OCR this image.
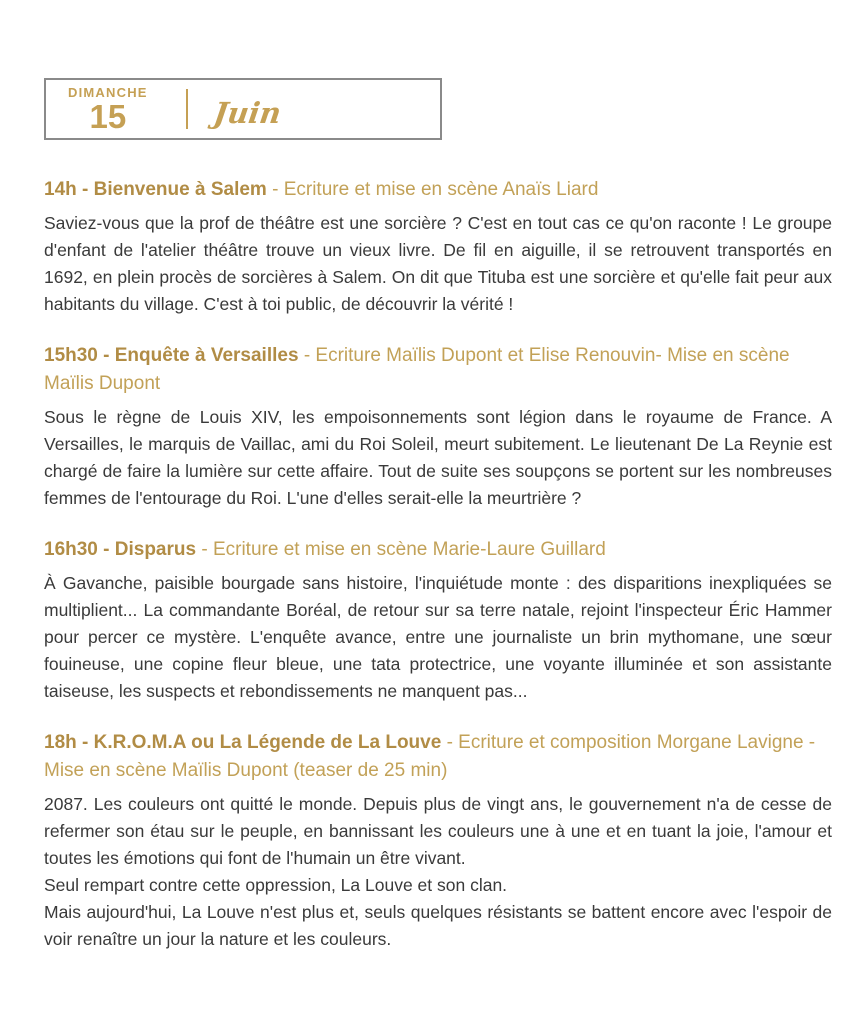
DIMANCHE
15	Juin
14h - Bienvenue à Salem - Ecriture et mise en scène Anaïs Liard

Saviez-vous que la prof de théâtre est une sorcière ? C'est en tout cas ce qu'on raconte ! Le groupe d'enfant de l'atelier théâtre trouve un vieux livre. De fil en aiguille, il se retrouvent transportés en 1692, en plein procès de sorcières à Salem. On dit que Tituba est une sorcière et qu'elle fait peur aux habitants du village. C'est à toi public, de découvrir la vérité !

15h30 - Enquête à Versailles - Ecriture Maïlis Dupont et Elise Renouvin- Mise en scène Maïlis Dupont

Sous le règne de Louis XIV, les empoisonnements sont légion dans le royaume de France. A Versailles, le marquis de Vaillac, ami du Roi Soleil, meurt subitement. Le lieutenant De La Reynie est chargé de faire la lumière sur cette affaire. Tout de suite ses soupçons se portent sur les nombreuses femmes de l'entourage du Roi. L'une d'elles serait-elle la meurtrière ?

16h30 - Disparus - Ecriture et mise en scène Marie-Laure Guillard

À Gavanche, paisible bourgade sans histoire, l'inquiétude monte : des disparitions inexpliquées se multiplient... La commandante Boréal, de retour sur sa terre natale, rejoint l'inspecteur Éric Hammer pour percer ce mystère. L'enquête avance, entre une journaliste un brin mythomane, une sœur fouineuse, une copine fleur bleue, une tata protectrice, une voyante illuminée et son assistante taiseuse, les suspects et rebondissements ne manquent pas...

18h - K.R.O.M.A ou La Légende de La Louve - Ecriture et composition Morgane Lavigne - Mise en scène Maïlis Dupont (teaser de 25 min)

2087. Les couleurs ont quitté le monde. Depuis plus de vingt ans, le gouvernement n'a de cesse de refermer son étau sur le peuple, en bannissant les couleurs une à une et en tuant la joie, l'amour et toutes les émotions qui font de l'humain un être vivant.

Seul rempart contre cette oppression, La Louve et son clan.

Mais aujourd'hui, La Louve n'est plus et, seuls quelques résistants se battent encore avec l'espoir de voir renaître un jour la nature et les couleurs.
